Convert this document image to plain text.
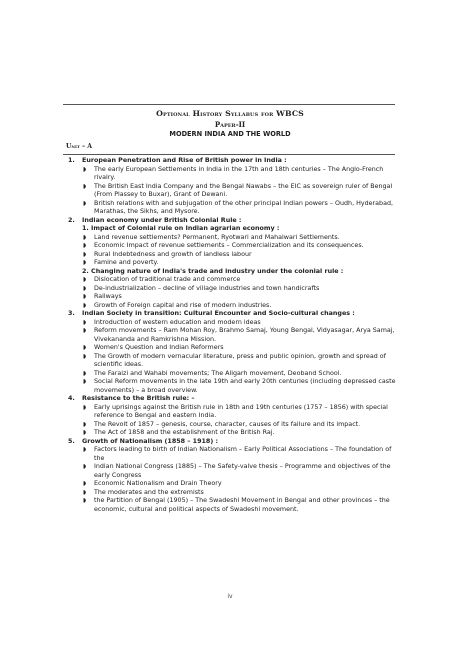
Optional History Syllabus for WBCS
Paper-II
MODERN INDIA AND THE WORLD
Unit – A
1. European Penetration and Rise of British power in India :
◗ The early European Settlements in India in the 17th and 18th centuries – The Anglo-French rivalry.
◗ The British East India Company and the Bengal Nawabs – the EIC as sovereign ruler of Bengal (From Plassey to Buxar), Grant of Dewani.
◗ British relations with and subjugation of the other principal Indian powers – Oudh, Hyderabad, Marathas, the Sikhs, and Mysore.
2. Indian economy under British Colonial Rule :
1. Impact of Colonial rule on Indian agrarian economy :
◗ Land revenue settlements? Permanent, Ryotwari and Mahalwari Settlements.
◗ Economic Impact of revenue settlements – Commercialization and its consequences.
◗ Rural Indebtedness and growth of landless labour
◗ Famine and poverty.
2. Changing nature of India's trade and industry under the colonial rule :
◗ Dislocation of traditional trade and commerce
◗ De-industrialization – decline of village industries and town handicrafts
◗ Railways
◗ Growth of Foreign capital and rise of modern industries.
3. Indian Society in transition: Cultural Encounter and Socio-cultural changes :
◗ Introduction of western education and modern ideas
◗ Reform movements – Ram Mohan Roy, Brahmo Samaj, Young Bengal, Vidyasagar, Arya Samaj, Vivekananda and Ramkrishna Mission.
◗ Women's Question and Indian Reformers
◗ The Growth of modern vernacular literature, press and public opinion, growth and spread of scientific ideas.
◗ The Faraizi and Wahabi movements; The Aligarh movement, Deoband School.
◗ Social Reform movements in the late 19th and early 20th centuries (including depressed caste movements) – a broad overview.
4. Resistance to the British rule: –
◗ Early uprisings against the British rule in 18th and 19th centuries (1757 – 1856) with special reference to Bengal and eastern India.
◗ The Revolt of 1857 – genesis, course, character, causes of its failure and its impact.
◗ The Act of 1858 and the establishment of the British Raj.
5. Growth of Nationalism (1858 – 1918) :
◗ Factors leading to birth of Indian Nationalism – Early Political Associations – The foundation of the
◗ Indian National Congress (1885) – The Safety-valve thesis – Programme and objectives of the early Congress
◗ Economic Nationalism and Drain Theory
◗ The moderates and the extremists
◗ the Partition of Bengal (1905) – The Swadeshi Movement in Bengal and other provinces – the economic, cultural and political aspects of Swadeshi movement.
iv
